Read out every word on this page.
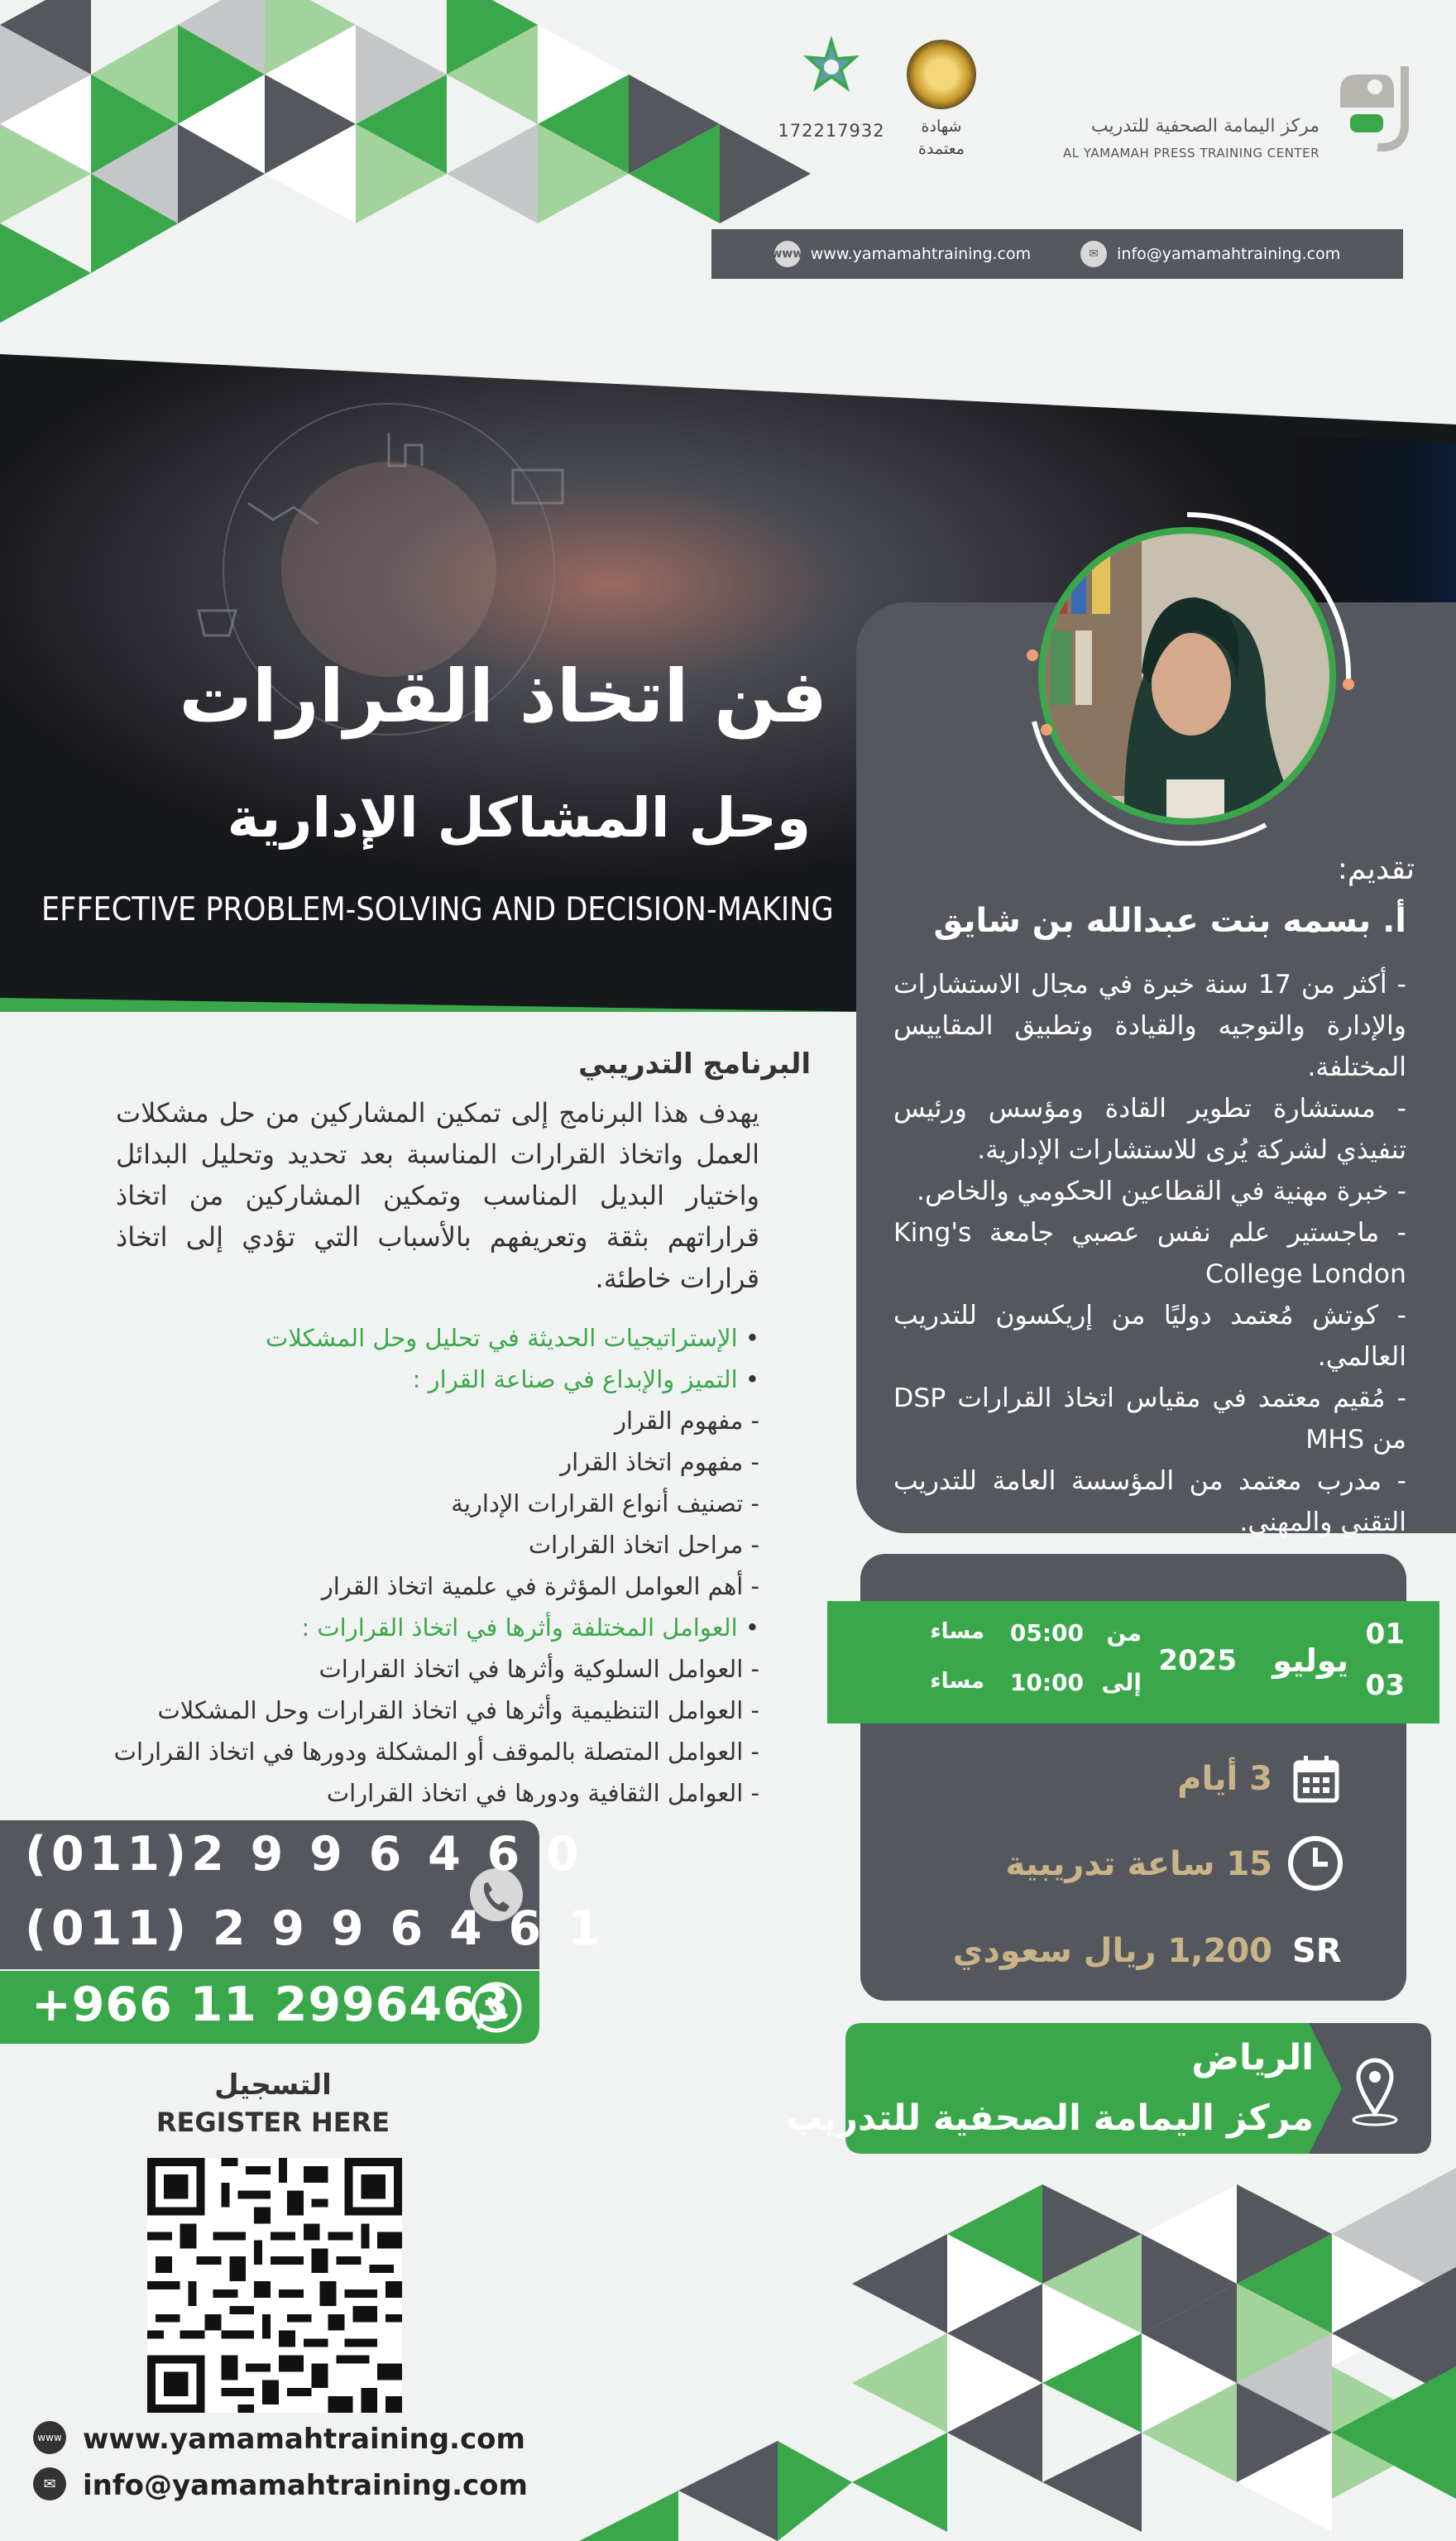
مركز اليمامة الصحفية للتدريب
AL YAMAMAH PRESS TRAINING CENTER
شهادة
معتمدة
172217932
www www.yamamahtraining.com	✉	info@yamamahtraining.com
فن اتخاذ القرارات
وحل المشاكل الإدارية
EFFECTIVE PROBLEM-SOLVING AND DECISION-MAKING
تقديم:
أ. بسمه بنت عبدالله بن شايق
- أكثر من 17 سنة خبرة في مجال الاستشارات والإدارة والتوجيه والقيادة وتطبيق المقاييس المختلفة.
- مستشارة تطوير القادة ومؤسس ورئيس تنفيذي لشركة يُرى للاستشارات الإدارية.
- خبرة مهنية في القطاعين الحكومي والخاص.
- ماجستير علم نفس عصبي جامعة King's College London
- كوتش مُعتمد دوليًا من إريكسون للتدريب العالمي.
- مُقيم معتمد في مقياس اتخاذ القرارات DSP من MHS
- مدرب معتمد من المؤسسة العامة للتدريب التقني والمهني.
البرنامج التدريبي
يهدف هذا البرنامج إلى تمكين المشاركين من حل مشكلات العمل واتخاذ القرارات المناسبة بعد تحديد وتحليل البدائل واختيار البديل المناسب وتمكين المشاركين من اتخاذ قراراتهم بثقة وتعريفهم بالأسباب التي تؤدي إلى اتخاذ قرارات خاطئة.
• الإستراتيجيات الحديثة في تحليل وحل المشكلات
• التميز والإبداع في صناعة القرار :
- مفهوم القرار
- مفهوم اتخاذ القرار
- تصنيف أنواع القرارات الإدارية
- مراحل اتخاذ القرارات
- أهم العوامل المؤثرة في علمية اتخاذ القرار
• العوامل المختلفة وأثرها في اتخاذ القرارات :
- العوامل السلوكية وأثرها في اتخاذ القرارات
- العوامل التنظيمية وأثرها في اتخاذ القرارات وحل المشكلات
- العوامل المتصلة بالموقف أو المشكلة ودورها في اتخاذ القرارات
- العوامل الثقافية ودورها في اتخاذ القرارات
(011)2 9 9 6 4 6 0
(011) 2 9 9 6 4 6 1
+966 11 2996463
التسجيل
REGISTER HERE
www www.yamamahtraining.com
✉ info@yamamahtraining.com
01
03
يوليو
2025
من
إلى
05:00
10:00
مساء
مساء
3 أيام
15 ساعة تدريبية
SR
1,200 ريال سعودي
الرياض
مركز اليمامة الصحفية للتدريب
